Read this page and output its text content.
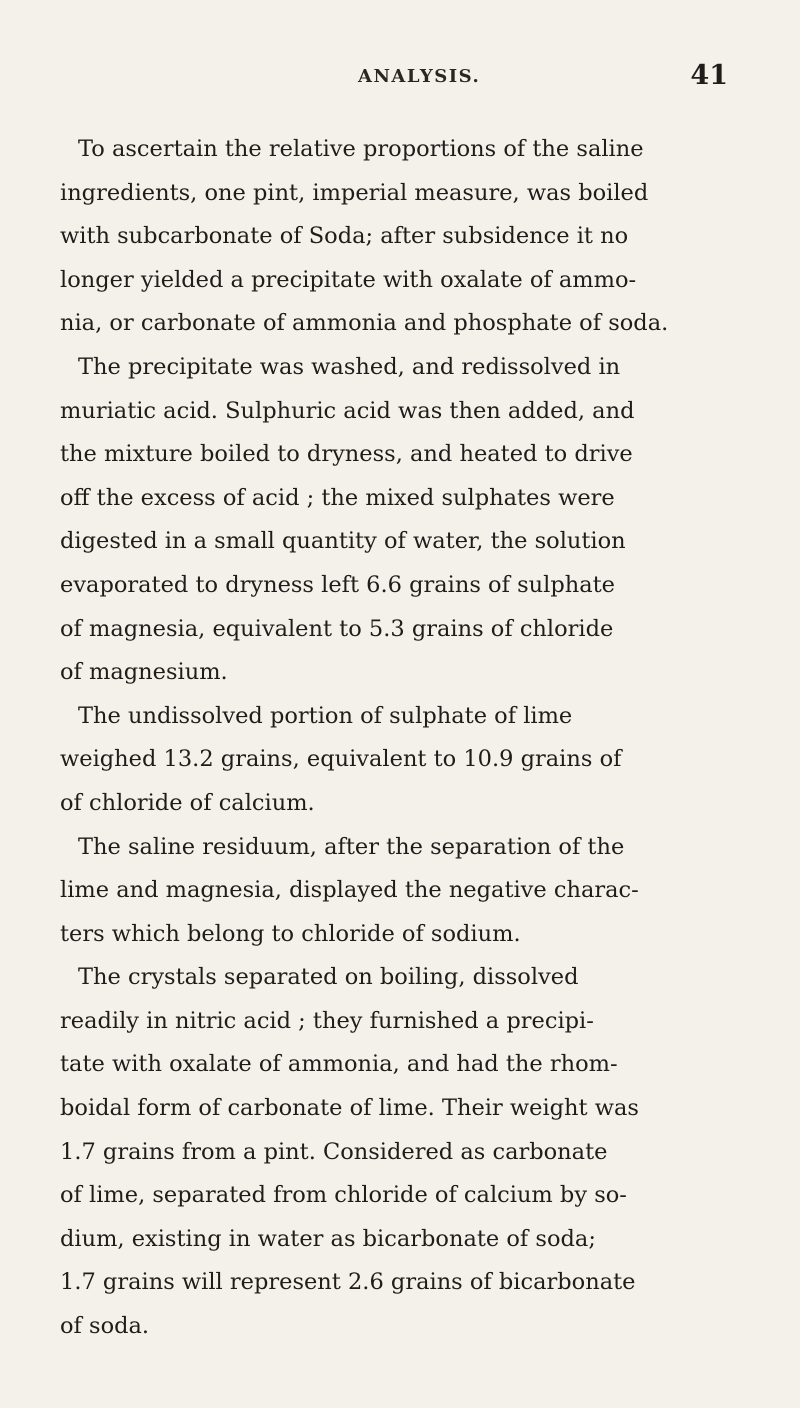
ANALYSIS.	41
To ascertain the relative proportions of the saline
ingredients, one pint, imperial measure, was boiled
with subcarbonate of Soda; after subsidence it no
longer yielded a precipitate with oxalate of ammo-
nia, or carbonate of ammonia and phosphate of soda.
The precipitate was washed, and redissolved in
muriatic acid. Sulphuric acid was then added, and
the mixture boiled to dryness, and heated to drive
off the excess of acid ; the mixed sulphates were
digested in a small quantity of water, the solution
evaporated to dryness left 6.6 grains of sulphate
of magnesia, equivalent to 5.3 grains of chloride
of magnesium.
The undissolved portion of sulphate of lime
weighed 13.2 grains, equivalent to 10.9 grains of
of chloride of calcium.
The saline residuum, after the separation of the
lime and magnesia, displayed the negative charac-
ters which belong to chloride of sodium.
The crystals separated on boiling, dissolved
readily in nitric acid ; they furnished a precipi-
tate with oxalate of ammonia, and had the rhom-
boidal form of carbonate of lime. Their weight was
1.7 grains from a pint. Considered as carbonate
of lime, separated from chloride of calcium by so-
dium, existing in water as bicarbonate of soda;
1.7 grains will represent 2.6 grains of bicarbonate
of soda.
